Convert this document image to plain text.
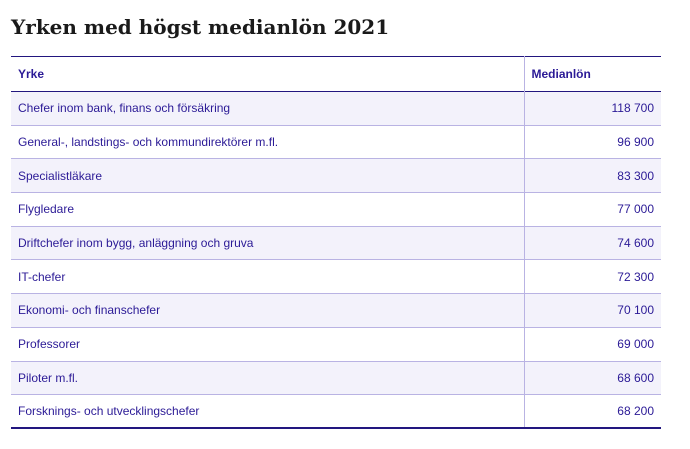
Yrken med högst medianlön 2021
Yrke	Medianlön
Chefer inom bank, finans och försäkring	118 700
General-, landstings- och kommundirektörer m.fl.	96 900
Specialistläkare	83 300
Flygledare	77 000
Driftchefer inom bygg, anläggning och gruva	74 600
IT-chefer	72 300
Ekonomi- och finanschefer	70 100
Professorer	69 000
Piloter m.fl.	68 600
Forsknings- och utvecklingschefer	68 200
